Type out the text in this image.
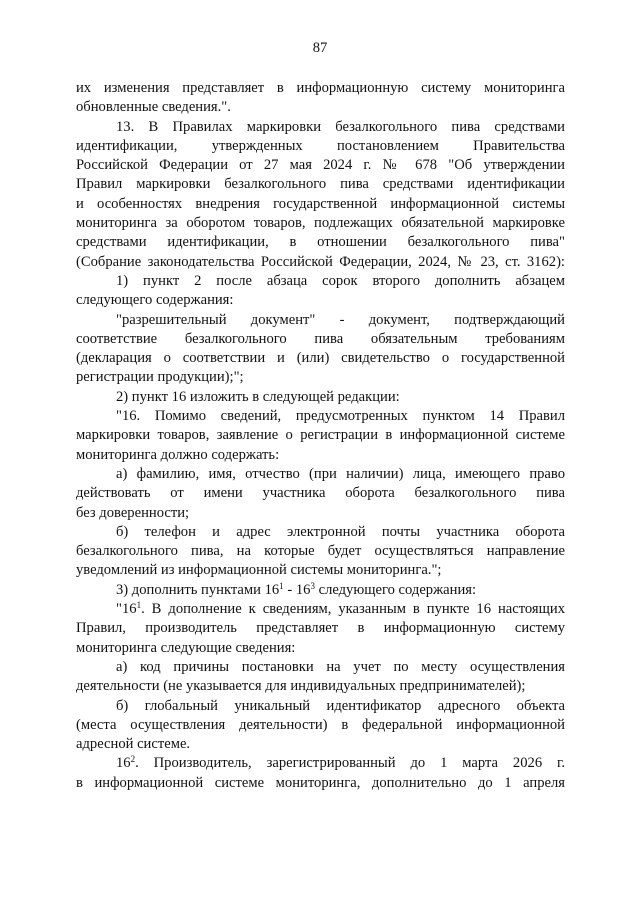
87

их изменения представляет в информационную систему мониторинга

обновленные сведения.".

13. В Правилах маркировки безалкогольного пива средствами

идентификации, утвержденных постановлением Правительства

Российской Федерации от 27 мая 2024 г. № 678 "Об утверждении

Правил маркировки безалкогольного пива средствами идентификации

и особенностях внедрения государственной информационной системы

мониторинга за оборотом товаров, подлежащих обязательной маркировке

средствами идентификации, в отношении безалкогольного пива"

(Собрание законодательства Российской Федерации, 2024, № 23, ст. 3162):

1) пункт 2 после абзаца сорок второго дополнить абзацем

следующего содержания:

"разрешительный документ" - документ, подтверждающий

соответствие безалкогольного пива обязательным требованиям

(декларация о соответствии и (или) свидетельство о государственной

регистрации продукции);";

2) пункт 16 изложить в следующей редакции:

"16. Помимо сведений, предусмотренных пунктом 14 Правил

маркировки товаров, заявление о регистрации в информационной системе

мониторинга должно содержать:

а) фамилию, имя, отчество (при наличии) лица, имеющего право

действовать от имени участника оборота безалкогольного пива

без доверенности;

б) телефон и адрес электронной почты участника оборота

безалкогольного пива, на которые будет осуществляться направление

уведомлений из информационной системы мониторинга.";

3) дополнить пунктами $16^1 - 16^3$ следующего содержания:

"$16^1$. В дополнение к сведениям, указанным в пункте 16 настоящих

Правил, производитель представляет в информационную систему

мониторинга следующие сведения:

а) код причины постановки на учет по месту осуществления

деятельности (не указывается для индивидуальных предпринимателей);

б) глобальный уникальный идентификатор адресного объекта

(места осуществления деятельности) в федеральной информационной

адресной системе.

$16^2$. Производитель, зарегистрированный до 1 марта 2026 г.

в информационной системе мониторинга, дополнительно до 1 апреля
